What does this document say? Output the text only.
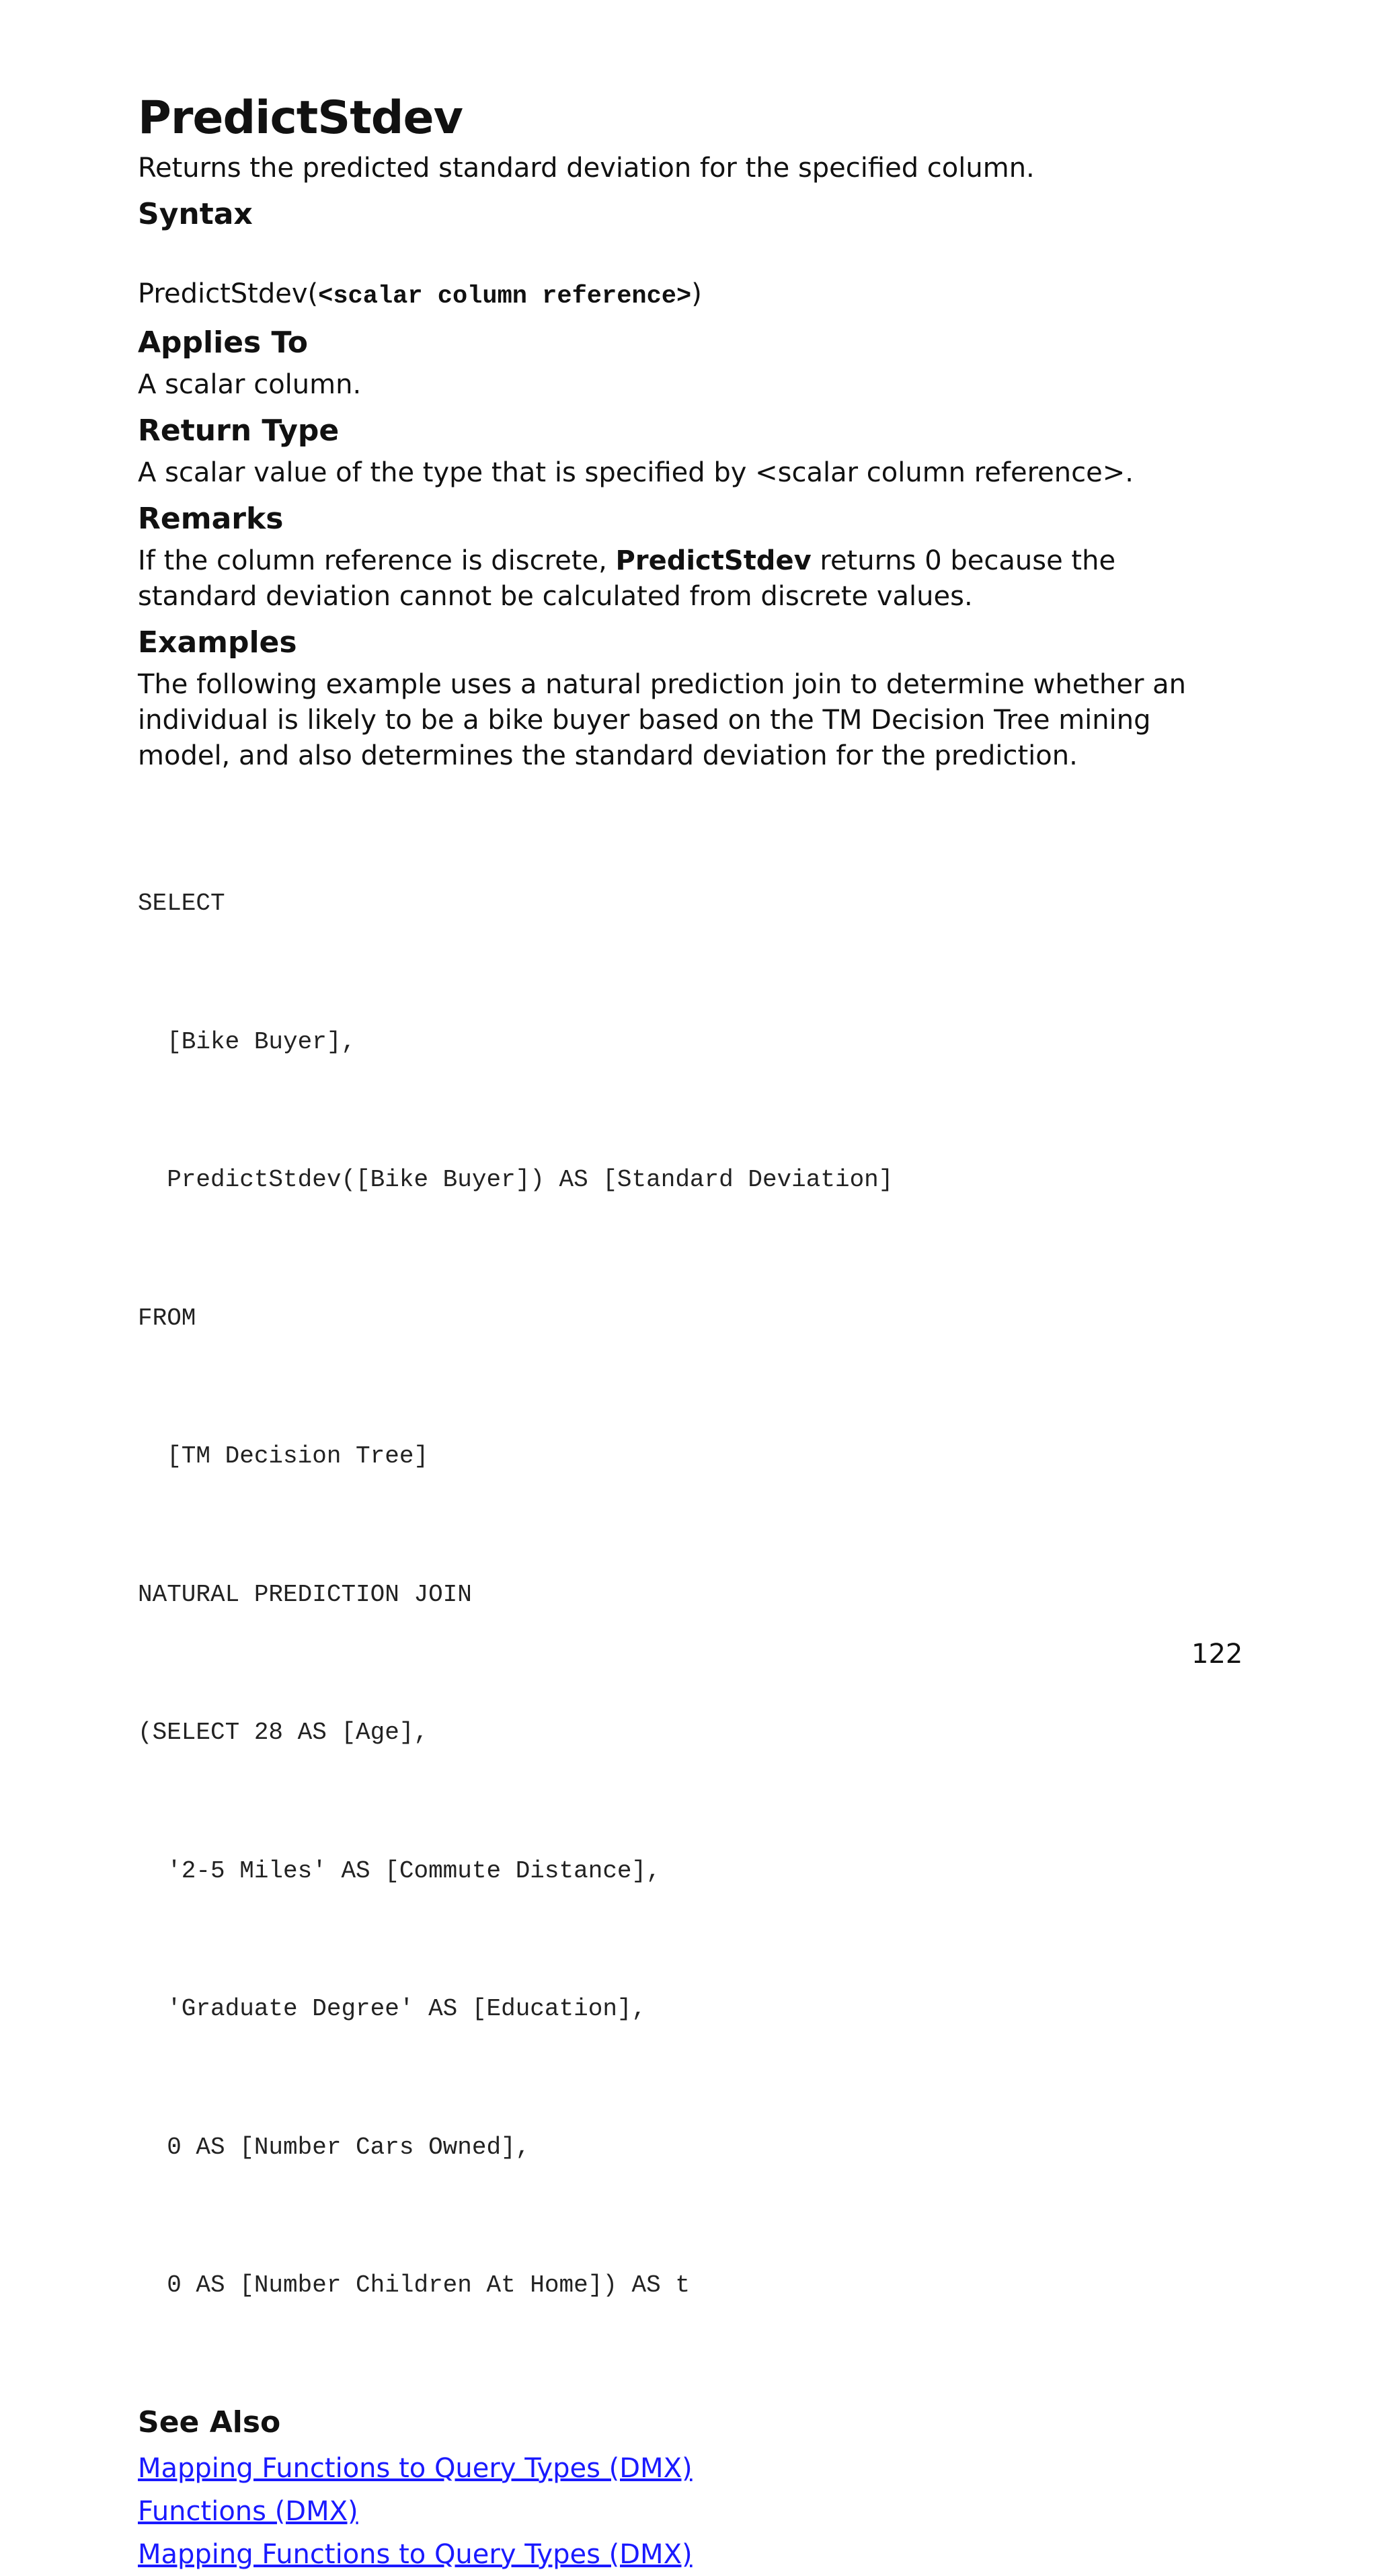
PredictStdev

Returns the predicted standard deviation for the specified column.

Syntax
PredictStdev(<scalar column reference>)
Applies To

A scalar column.

Return Type

A scalar value of the type that is specified by <scalar column reference>.

Remarks

If the column reference is discrete, PredictStdev returns 0 because the standard deviation cannot be calculated from discrete values.

Examples

The following example uses a natural prediction join to determine whether an individual is likely to be a bike buyer based on the TM Decision Tree mining model, and also determines the standard deviation for the prediction.

SELECT

[Bike Buyer],

PredictStdev([Bike Buyer]) AS [Standard Deviation]

FROM

[TM Decision Tree]

NATURAL PREDICTION JOIN

(SELECT 28 AS [Age],

'2-5 Miles' AS [Commute Distance],

'Graduate Degree' AS [Education],

0 AS [Number Cars Owned],

0 AS [Number Children At Home]) AS t

See Also
Mapping Functions to Query Types (DMX)
Functions (DMX)
Mapping Functions to Query Types (DMX)
122
